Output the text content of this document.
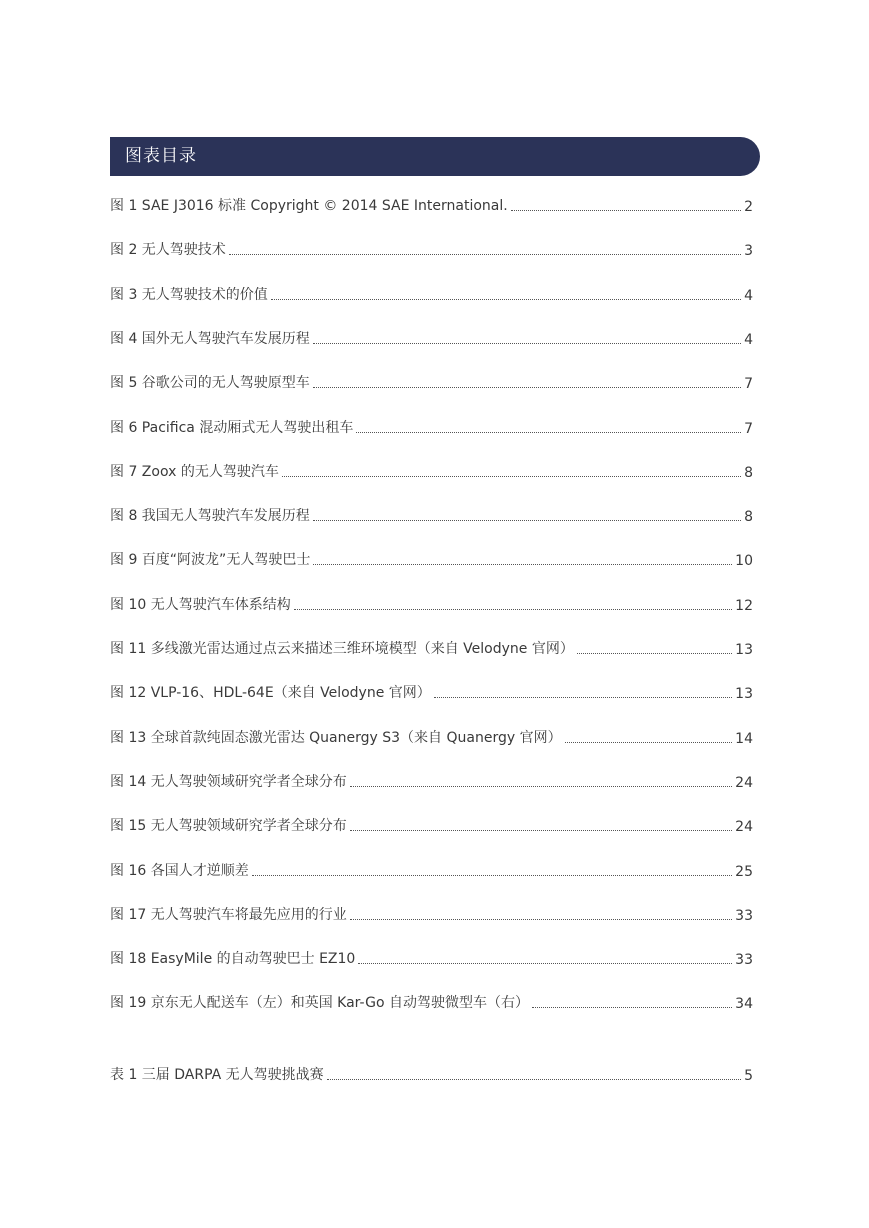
图表目录
图 1 SAE J3016 标准 Copyright © 2014 SAE International.	2
图 2 无人驾驶技术	3
图 3 无人驾驶技术的价值	4
图 4 国外无人驾驶汽车发展历程	4
图 5 谷歌公司的无人驾驶原型车	7
图 6 Pacifica 混动厢式无人驾驶出租车	7
图 7 Zoox 的无人驾驶汽车	8
图 8 我国无人驾驶汽车发展历程	8
图 9 百度“阿波龙”无人驾驶巴士	10
图 10 无人驾驶汽车体系结构	12
图 11 多线激光雷达通过点云来描述三维环境模型（来自 Velodyne 官网）	13
图 12 VLP-16、HDL-64E（来自 Velodyne 官网）	13
图 13 全球首款纯固态激光雷达 Quanergy S3（来自 Quanergy 官网）	14
图 14 无人驾驶领域研究学者全球分布	24
图 15 无人驾驶领域研究学者全球分布	24
图 16 各国人才逆顺差	25
图 17 无人驾驶汽车将最先应用的行业	33
图 18 EasyMile 的自动驾驶巴士 EZ10	33
图 19 京东无人配送车（左）和英国 Kar-Go 自动驾驶微型车（右）	34
表 1 三届 DARPA 无人驾驶挑战赛	5
